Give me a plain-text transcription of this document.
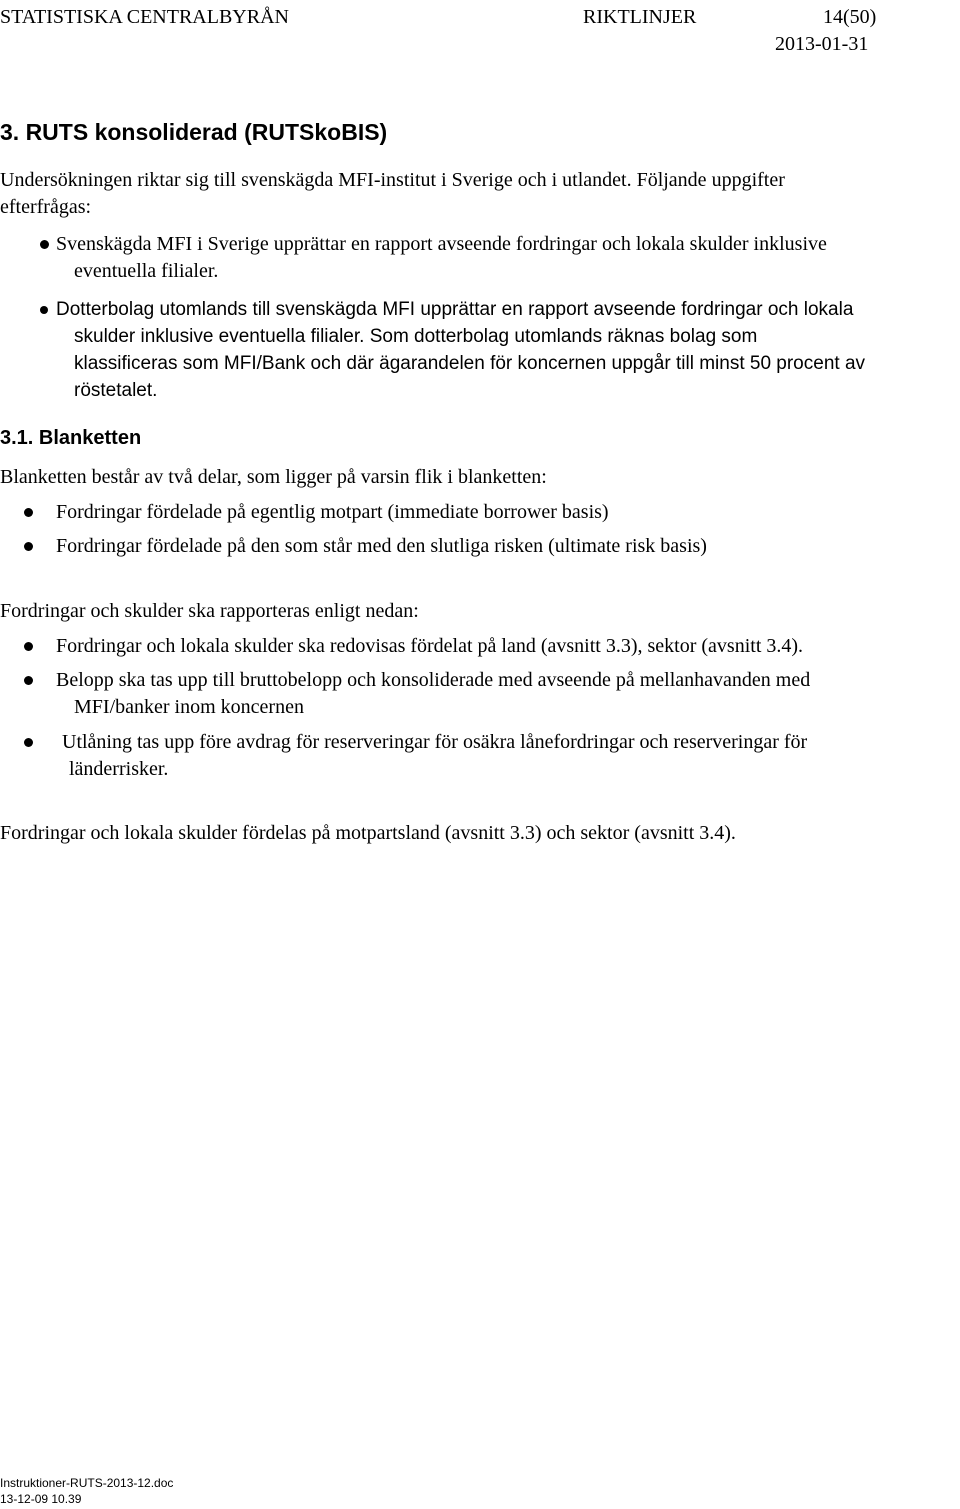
STATISTISKA CENTRALBYRÅN	RIKTLINJER	14(50)
2013-01-31
3. RUTS konsoliderad (RUTSkoBIS)
Undersökningen riktar sig till svenskägda MFI-institut i Sverige och i utlandet. Följande uppgifter
efterfrågas:
Svenskägda MFI i Sverige upprättar en rapport avseende fordringar och lokala skulder inklusive
eventuella filialer.
Dotterbolag utomlands till svenskägda MFI upprättar en rapport avseende fordringar och lokala
skulder inklusive eventuella filialer. Som dotterbolag utomlands räknas bolag som
klassificeras som MFI/Bank och där ägarandelen för koncernen uppgår till minst 50 procent av
röstetalet.
3.1. Blanketten
Blanketten består av två delar, som ligger på varsin flik i blanketten:
Fordringar fördelade på egentlig motpart (immediate borrower basis)
Fordringar fördelade på den som står med den slutliga risken (ultimate risk basis)
Fordringar och skulder ska rapporteras enligt nedan:
Fordringar och lokala skulder ska redovisas fördelat på land (avsnitt 3.3), sektor (avsnitt 3.4).
Belopp ska tas upp till bruttobelopp och konsoliderade med avseende på mellanhavanden med
MFI/banker inom koncernen
Utlåning tas upp före avdrag för reserveringar för osäkra lånefordringar och reserveringar för
länderrisker.
Fordringar och lokala skulder fördelas på motpartsland (avsnitt 3.3) och sektor (avsnitt 3.4).
Instruktioner-RUTS-2013-12.doc
13-12-09 10.39
